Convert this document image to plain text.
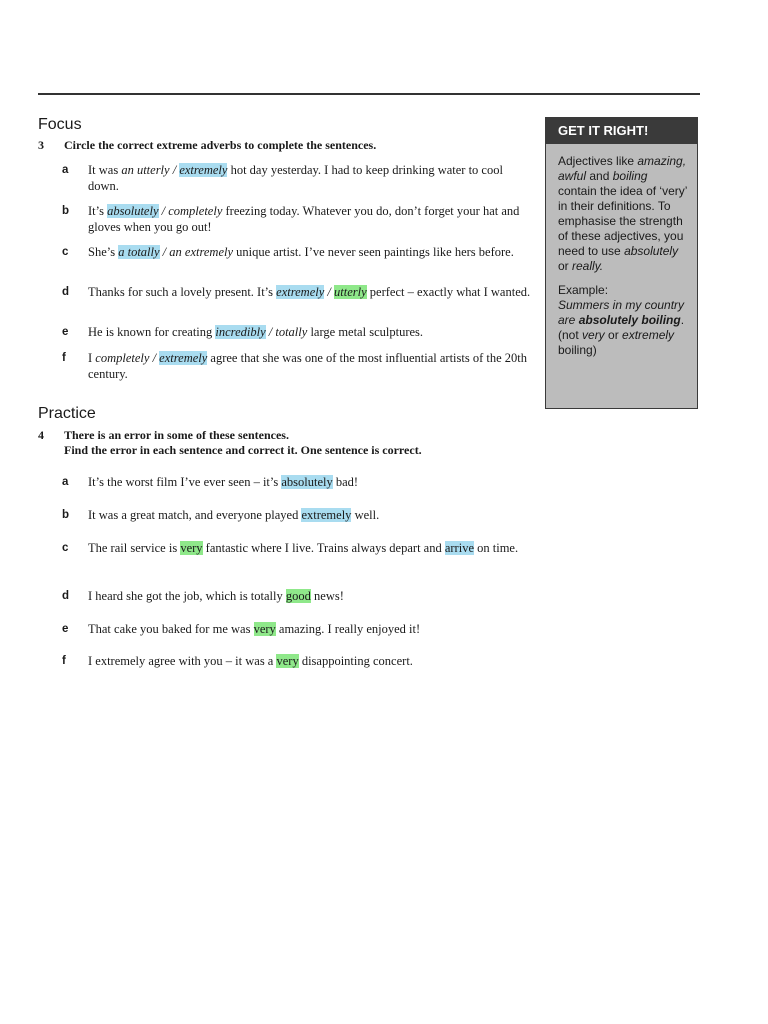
Focus
3 Circle the correct extreme adverbs to complete the sentences.
a It was an utterly / extremely hot day yesterday. I had to keep drinking water to cool down.
b It’s absolutely / completely freezing today. Whatever you do, don’t forget your hat and gloves when you go out!
c She’s a totally / an extremely unique artist. I’ve never seen paintings like hers before.
d Thanks for such a lovely present. It’s extremely / utterly perfect – exactly what I wanted.
e He is known for creating incredibly / totally large metal sculptures.
f I completely / extremely agree that she was one of the most influential artists of the 20th century.
Practice
4 There is an error in some of these sentences.
Find the error in each sentence and correct it. One sentence is correct.
a It’s the worst film I’ve ever seen – it’s absolutely bad!
b It was a great match, and everyone played extremely well.
c The rail service is very fantastic where I live. Trains always depart and arrive on time.
d I heard she got the job, which is totally good news!
e That cake you baked for me was very amazing. I really enjoyed it!
f I extremely agree with you – it was a very disappointing concert.
GET IT RIGHT!

Adjectives like amazing, awful and boiling contain the idea of ‘very’ in their definitions. To emphasise the strength of these adjectives, you need to use absolutely or really.

Example:

Summers in my country are absolutely boiling.
(not very or extremely boiling)
